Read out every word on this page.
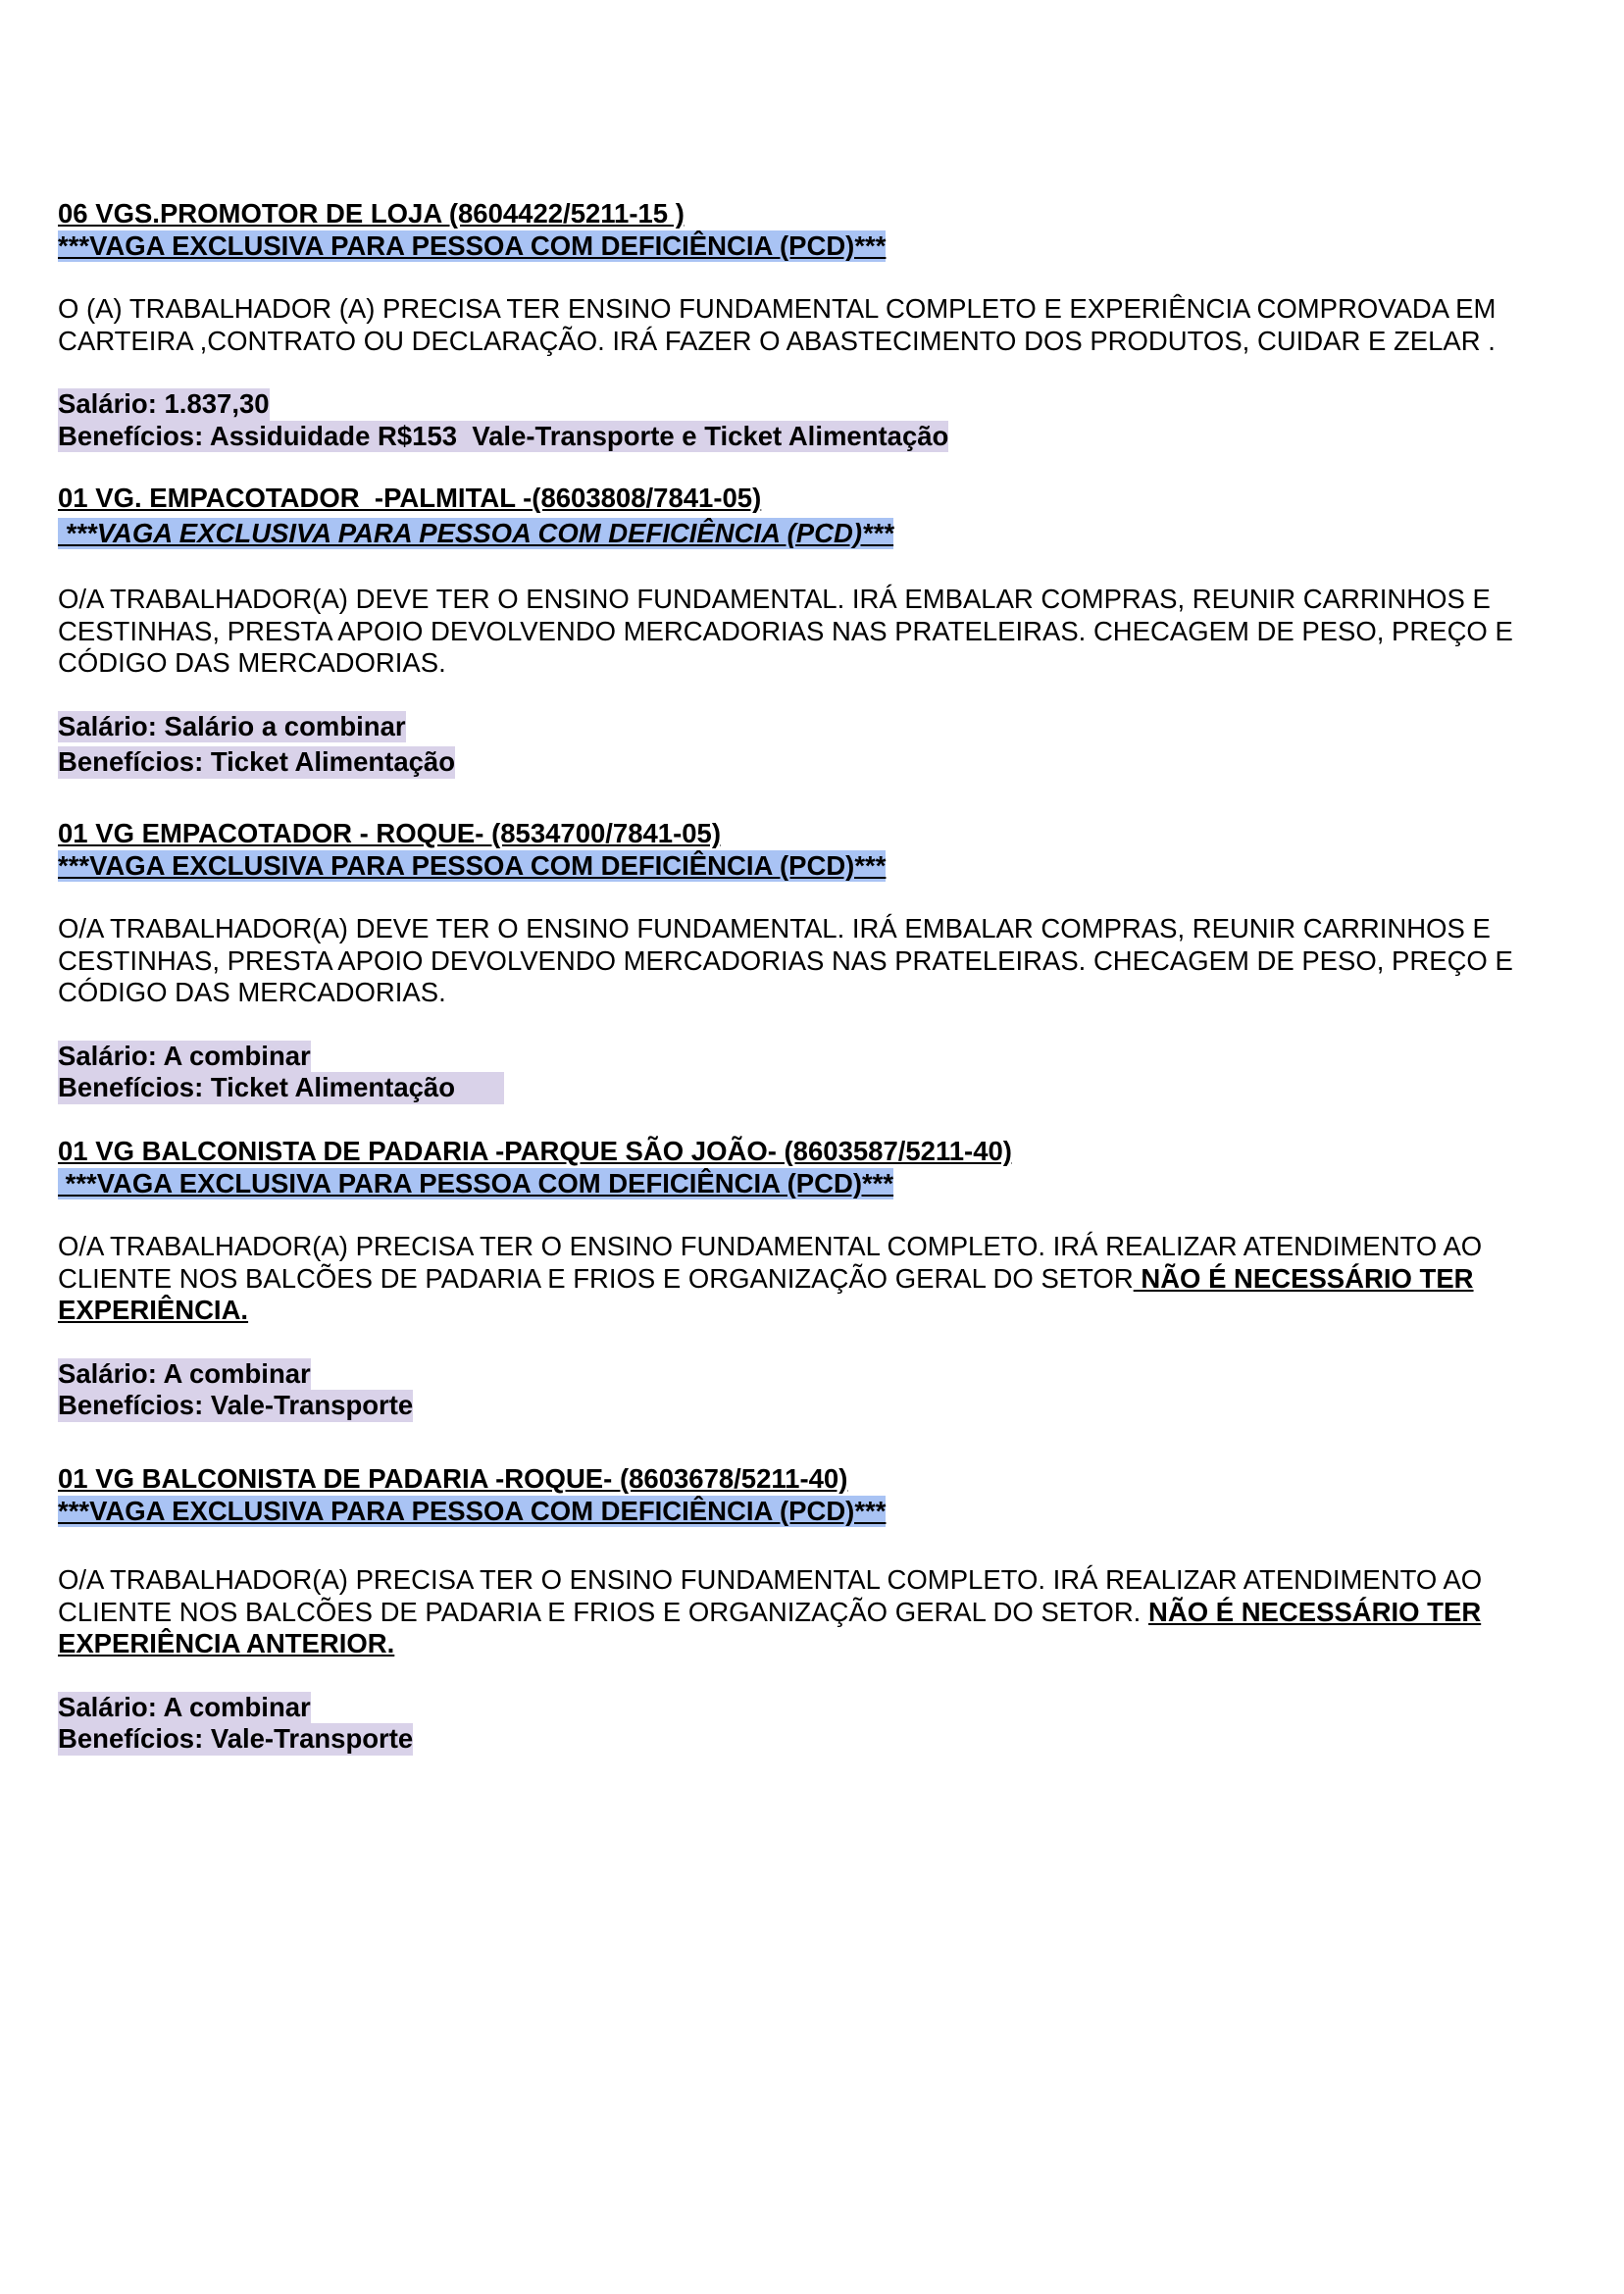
06 VGS.PROMOTOR DE LOJA (8604422/5211-15 )
***VAGA EXCLUSIVA PARA PESSOA COM DEFICIÊNCIA (PCD)***
O (A) TRABALHADOR (A) PRECISA TER ENSINO FUNDAMENTAL COMPLETO E EXPERIÊNCIA COMPROVADA EM CARTEIRA ,CONTRATO OU DECLARAÇÃO. IRÁ FAZER O ABASTECIMENTO DOS PRODUTOS, CUIDAR E ZELAR .
Salário: 1.837,30
Benefícios: Assiduidade R$153  Vale-Transporte e Ticket Alimentação
01 VG. EMPACOTADOR  -PALMITAL -(8603808/7841-05)
***VAGA EXCLUSIVA PARA PESSOA COM DEFICIÊNCIA (PCD)***
O/A TRABALHADOR(A) DEVE TER O ENSINO FUNDAMENTAL. IRÁ EMBALAR COMPRAS, REUNIR CARRINHOS E CESTINHAS, PRESTA APOIO DEVOLVENDO MERCADORIAS NAS PRATELEIRAS. CHECAGEM DE PESO, PREÇO E CÓDIGO DAS MERCADORIAS.
Salário: Salário a combinar
Benefícios: Ticket Alimentação
01 VG EMPACOTADOR - ROQUE- (8534700/7841-05)
***VAGA EXCLUSIVA PARA PESSOA COM DEFICIÊNCIA (PCD)***
O/A TRABALHADOR(A) DEVE TER O ENSINO FUNDAMENTAL. IRÁ EMBALAR COMPRAS, REUNIR CARRINHOS E CESTINHAS, PRESTA APOIO DEVOLVENDO MERCADORIAS NAS PRATELEIRAS. CHECAGEM DE PESO, PREÇO E CÓDIGO DAS MERCADORIAS.
Salário: A combinar
Benefícios: Ticket Alimentação
01 VG BALCONISTA DE PADARIA -PARQUE SÃO JOÃO- (8603587/5211-40)
***VAGA EXCLUSIVA PARA PESSOA COM DEFICIÊNCIA (PCD)***
O/A TRABALHADOR(A) PRECISA TER O ENSINO FUNDAMENTAL COMPLETO. IRÁ REALIZAR ATENDIMENTO AO CLIENTE NOS BALCÕES DE PADARIA E FRIOS E ORGANIZAÇÃO GERAL DO SETOR NÃO É NECESSÁRIO TER EXPERIÊNCIA.
Salário: A combinar
Benefícios: Vale-Transporte
01 VG BALCONISTA DE PADARIA -ROQUE- (8603678/5211-40)
***VAGA EXCLUSIVA PARA PESSOA COM DEFICIÊNCIA (PCD)***
O/A TRABALHADOR(A) PRECISA TER O ENSINO FUNDAMENTAL COMPLETO. IRÁ REALIZAR ATENDIMENTO AO CLIENTE NOS BALCÕES DE PADARIA E FRIOS E ORGANIZAÇÃO GERAL DO SETOR. NÃO É NECESSÁRIO TER EXPERIÊNCIA ANTERIOR.
Salário: A combinar
Benefícios: Vale-Transporte
